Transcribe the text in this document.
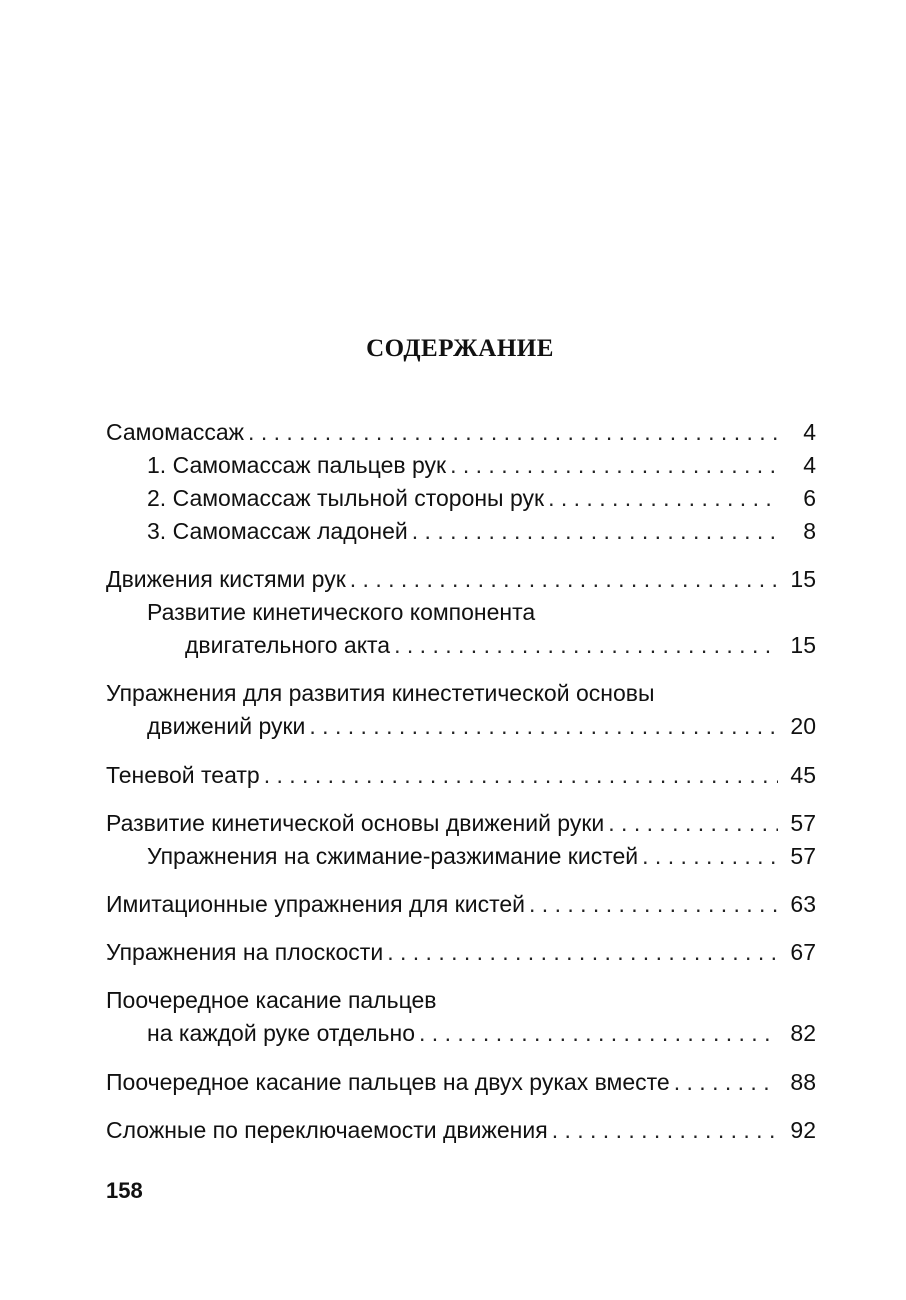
СОДЕРЖАНИЕ
Самомассаж . . .	4
1. Самомассаж пальцев рук . . .	4
2. Самомассаж тыльной стороны рук . . .	6
3. Самомассаж ладоней . . .	8
Движения кистями рук . . .	15
Развитие кинетического компонента
двигательного акта . . .	15
Упражнения для развития кинестетической основы
движений руки . . .	20
Теневой театр . . .	45
Развитие кинетической основы движений руки . . .	57
Упражнения на сжимание-разжимание кистей . . .	57
Имитационные упражнения для кистей . . .	63
Упражнения на плоскости . . .	67
Поочередное касание пальцев
на каждой руке отдельно . . .	82
Поочередное касание пальцев на двух руках вместе . . .	88
Сложные по переключаемости движения . . .	92
158
